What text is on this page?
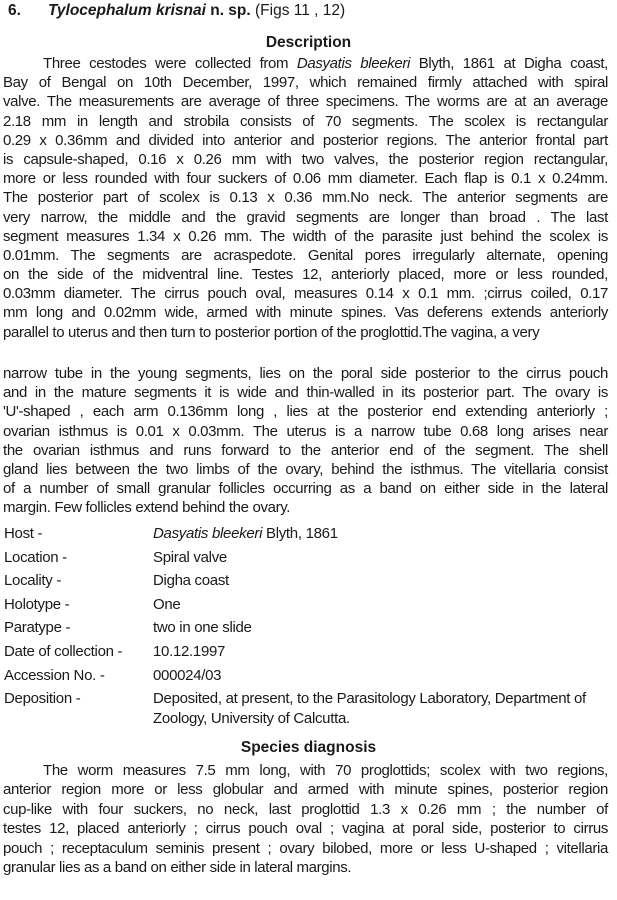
6. Tylocephalum krisnai n. sp. (Figs 11 , 12)
Description
Three cestodes were collected from Dasyatis bleekeri Blyth, 1861 at Digha coast,
Bay of Bengal on 10th December, 1997, which remained firmly attached with spiral
valve. The measurements are average of three specimens. The worms are at an average
2.18 mm in length and strobila consists of 70 segments. The scolex is rectangular
0.29 x 0.36mm and divided into anterior and posterior regions. The anterior frontal part
is capsule-shaped, 0.16 x 0.26 mm with two valves, the posterior region rectangular,
more or less rounded with four suckers of 0.06 mm diameter. Each flap is 0.1 x 0.24mm.
The posterior part of scolex is 0.13 x 0.36 mm.No neck. The anterior segments are
very narrow, the middle and the gravid segments are longer than broad . The last
segment measures 1.34 x 0.26 mm. The width of the parasite just behind the scolex is
0.01mm. The segments are acraspedote. Genital pores irregularly alternate, opening
on the side of the midventral line. Testes 12, anteriorly placed, more or less rounded,
0.03mm diameter. The cirrus pouch oval, measures 0.14 x 0.1 mm. ;cirrus coiled, 0.17
mm long and 0.02mm wide, armed with minute spines. Vas deferens extends anteriorly
parallel to uterus and then turn to posterior portion of the proglottid.The vagina, a very
narrow tube in the young segments, lies on the poral side posterior to the cirrus pouch
and in the mature segments it is wide and thin-walled in its posterior part. The ovary is
'U'-shaped , each arm 0.136mm long , lies at the posterior end extending anteriorly ;
ovarian isthmus is 0.01 x 0.03mm. The uterus is a narrow tube 0.68 long arises near
the ovarian isthmus and runs forward to the anterior end of the segment. The shell
gland lies between the two limbs of the ovary, behind the isthmus. The vitellaria consist
of a number of small granular follicles occurring as a band on either side in the lateral
margin. Few follicles extend behind the ovary.
Host -	Dasyatis bleekeri Blyth, 1861
Location -	Spiral valve
Locality -	Digha coast
Holotype -	One
Paratype -	two in one slide
Date of collection -	10.12.1997
Accession No. -	000024/03
Deposition -	Deposited, at present, to the Parasitology Laboratory, Department of Zoology, University of Calcutta.
Species diagnosis
The worm measures 7.5 mm long, with 70 proglottids; scolex with two regions,
anterior region more or less globular and armed with minute spines, posterior region
cup-like with four suckers, no neck, last proglottid 1.3 x 0.26 mm ; the number of
testes 12, placed anteriorly ; cirrus pouch oval ; vagina at poral side, posterior to cirrus
pouch ; receptaculum seminis present ; ovary bilobed, more or less U-shaped ; vitellaria
granular lies as a band on either side in lateral margins.
